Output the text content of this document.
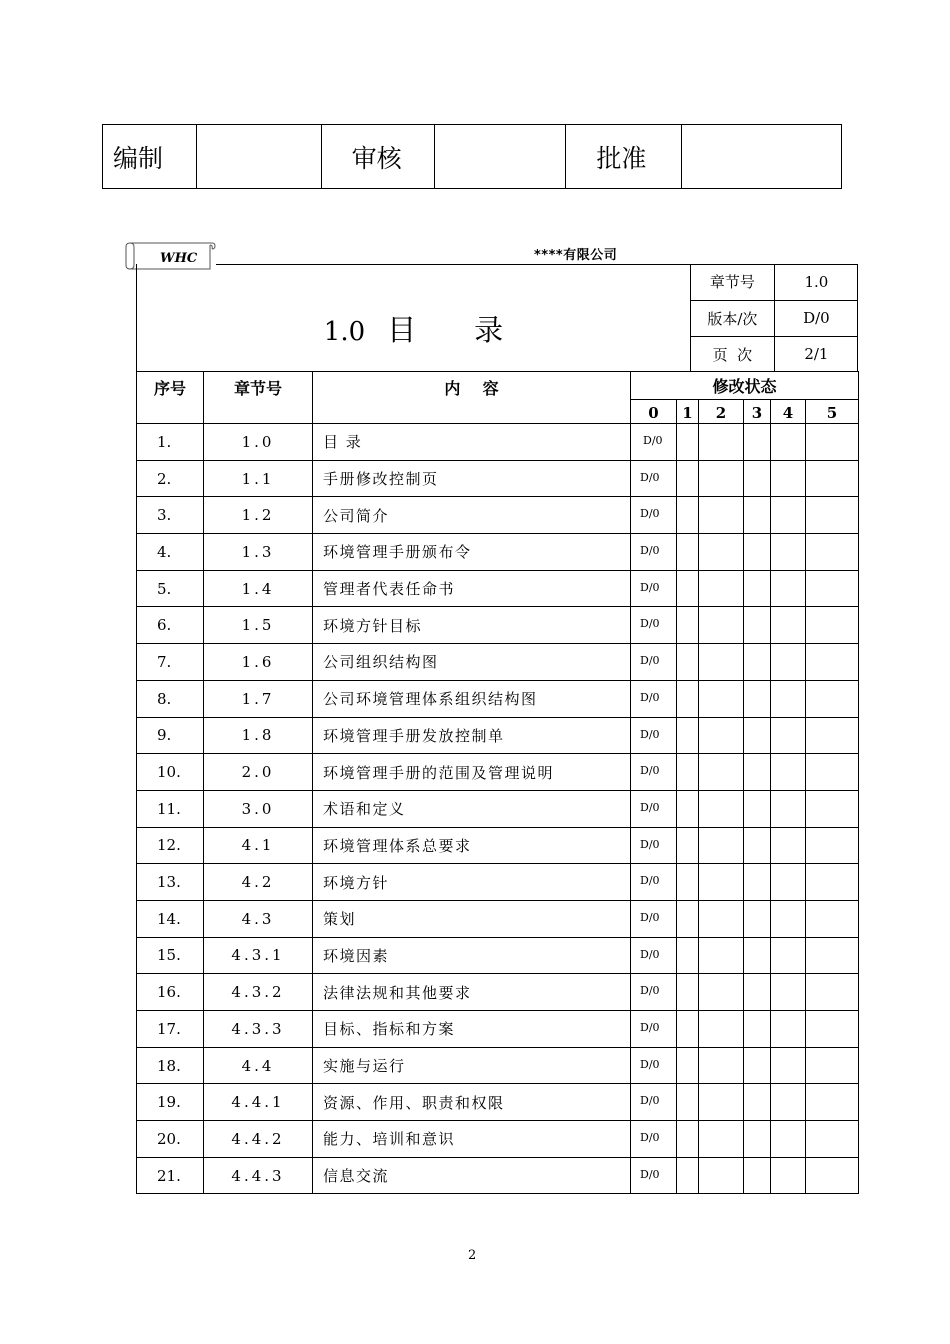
编制		审核		批准	
WHC	****有限公司
1.0 目 录
章节号	1.0
版本/次	D/0
页  次	2/1
序号	章节号	内    容	修改状态					
			0	1	2	3	4	5
1.	1.0	目 录	D/0					
2.	1.1	手册修改控制页	D/0					
3.	1.2	公司简介	D/0					
4.	1.3	环境管理手册颁布令	D/0					
5.	1.4	管理者代表任命书	D/0					
6.	1.5	环境方针目标	D/0					
7.	1.6	公司组织结构图	D/0					
8.	1.7	公司环境管理体系组织结构图	D/0					
9.	1.8	环境管理手册发放控制单	D/0					
10.	2.0	环境管理手册的范围及管理说明	D/0					
11.	3.0	术语和定义	D/0					
12.	4.1	环境管理体系总要求	D/0					
13.	4.2	环境方针	D/0					
14.	4.3	策划	D/0					
15.	4.3.1	环境因素	D/0					
16.	4.3.2	法律法规和其他要求	D/0					
17.	4.3.3	目标、指标和方案	D/0					
18.	4.4	实施与运行	D/0					
19.	4.4.1	资源、作用、职责和权限	D/0					
20.	4.4.2	能力、培训和意识	D/0					
21.	4.4.3	信息交流	D/0					
2
